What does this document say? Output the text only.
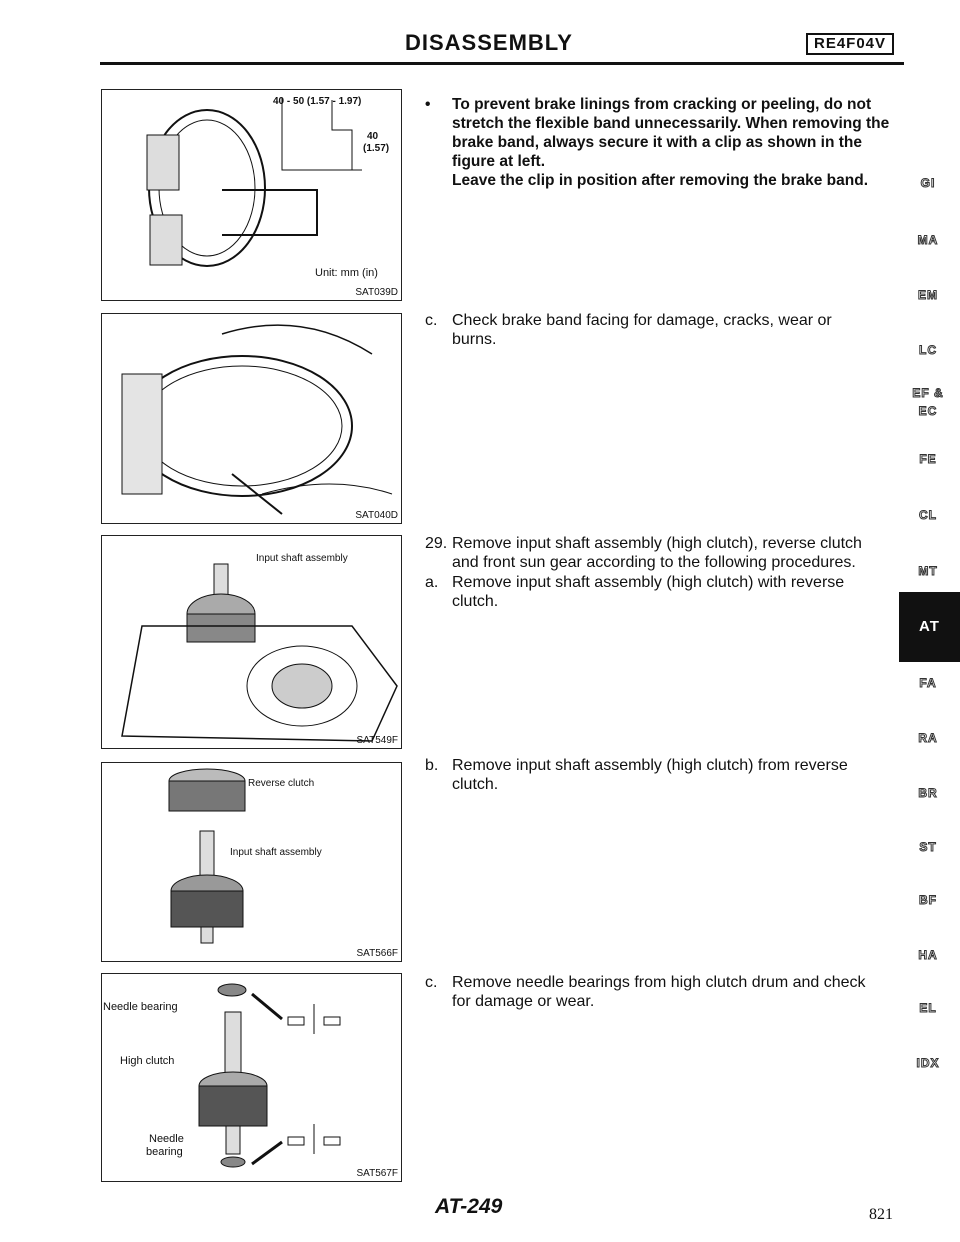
DISASSEMBLY	RE4F04V
40 - 50 (1.57 - 1.97)
40
(1.57)
Unit: mm (in)
SAT039D
SAT040D
Input shaft assembly
SAT549F
Reverse clutch
Input shaft assembly
SAT566F
Needle bearing
High clutch
Needle
bearing
SAT567F
• To prevent brake linings from cracking or peeling, do not
stretch the flexible band unnecessarily. When removing the
brake band, always secure it with a clip as shown in the
figure at left.
Leave the clip in position after removing the brake band.
c. Check brake band facing for damage, cracks, wear or
burns.
29. Remove input shaft assembly (high clutch), reverse clutch
and front sun gear according to the following procedures.
a. Remove input shaft assembly (high clutch) with reverse
clutch.
b. Remove input shaft assembly (high clutch) from reverse
clutch.
c. Remove needle bearings from high clutch drum and check
for damage or wear.
GI
MA
EM
LC
EF &
EC
FE
CL
MT
AT
FA
RA
BR
ST
BF
HA
EL
IDX
AT-249	821
